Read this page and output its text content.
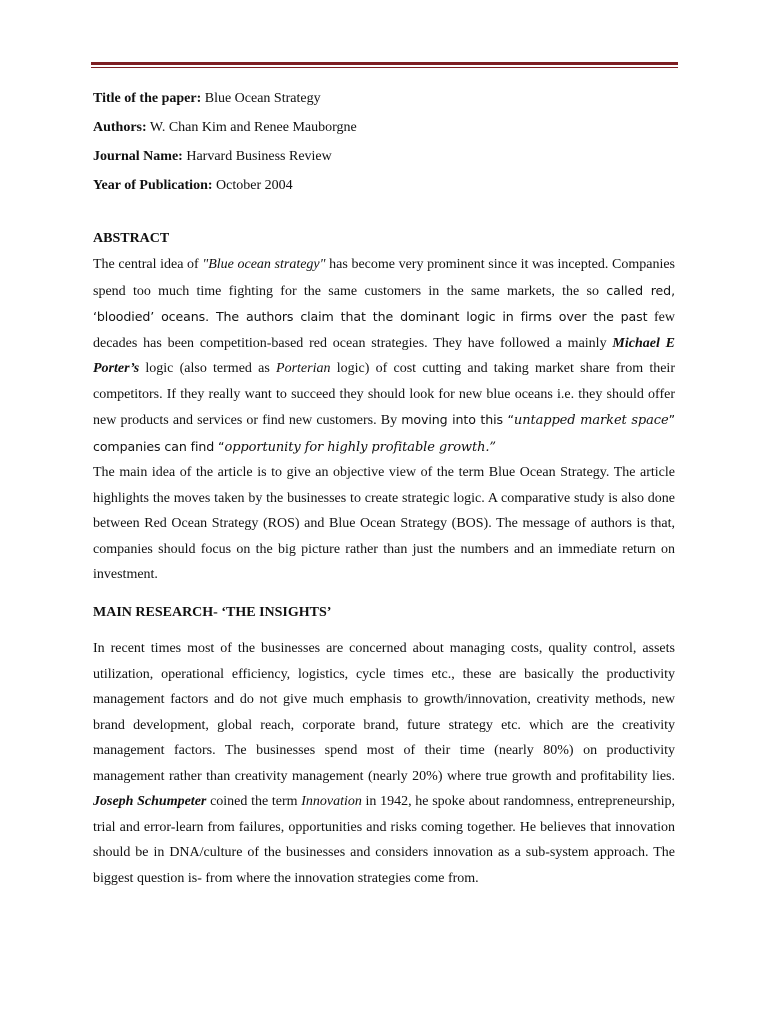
Title of the paper: Blue Ocean Strategy

Authors: W. Chan Kim and Renee Mauborgne

Journal Name: Harvard Business Review

Year of Publication: October 2004

ABSTRACT

The central idea of "Blue ocean strategy" has become very prominent since it was incepted. Companies spend too much time fighting for the same customers in the same markets, the so called red, ‘bloodied’ oceans. The authors claim that the dominant logic in firms over the past few decades has been competition-based red ocean strategies. They have followed a mainly Michael E Porter’s logic (also termed as Porterian logic) of cost cutting and taking market share from their competitors. If they really want to succeed they should look for new blue oceans i.e. they should offer new products and services or find new customers. By moving into this “untapped market space” companies can find “opportunity for highly profitable growth.”

The main idea of the article is to give an objective view of the term Blue Ocean Strategy. The article highlights the moves taken by the businesses to create strategic logic. A comparative study is also done between Red Ocean Strategy (ROS) and Blue Ocean Strategy (BOS). The message of authors is that, companies should focus on the big picture rather than just the numbers and an immediate return on investment.

MAIN RESEARCH- ‘THE INSIGHTS’

In recent times most of the businesses are concerned about managing costs, quality control, assets utilization, operational efficiency, logistics, cycle times etc., these are basically the productivity management factors and do not give much emphasis to growth/innovation, creativity methods, new brand development, global reach, corporate brand, future strategy etc. which are the creativity management factors. The businesses spend most of their time (nearly 80%) on productivity management rather than creativity management (nearly 20%) where true growth and profitability lies. Joseph Schumpeter coined the term Innovation in 1942, he spoke about randomness, entrepreneurship, trial and error-learn from failures, opportunities and risks coming together. He believes that innovation should be in DNA/culture of the businesses and considers innovation as a sub-system approach. The biggest question is- from where the innovation strategies come from.
